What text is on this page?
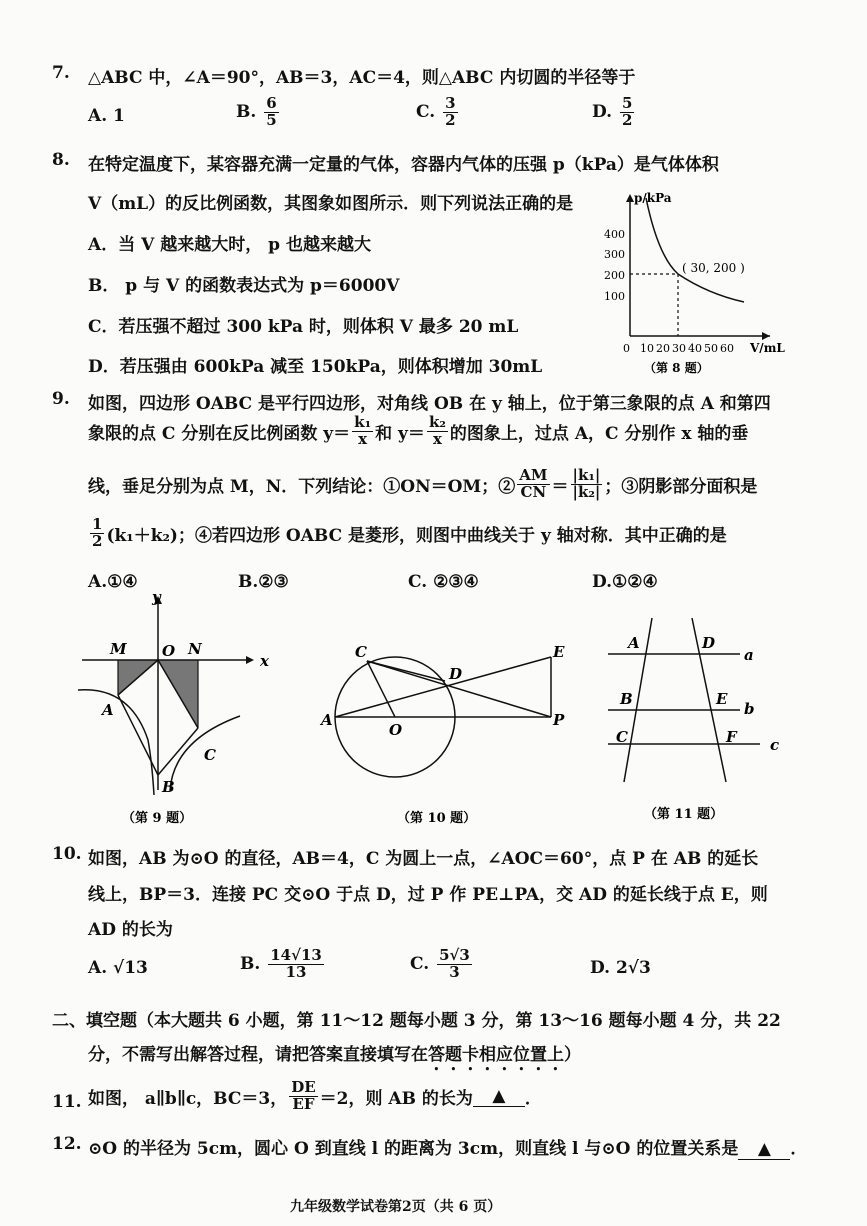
7. △ABC 中，∠A＝90°，AB＝3，AC＝4，则△ABC 内切圆的半径等于
A. 1	B. $\frac{6}{5}$	C. $\frac{3}{2}$	D. $\frac{5}{2}$
8. 在特定温度下，某容器充满一定量的气体，容器内气体的压强 p（kPa）是气体体积
V（mL）的反比例函数，其图象如图所示．则下列说法正确的是
A．当 V 越来越大时， p 也越来越大
B． p 与 V 的函数表达式为 p＝6000V
C．若压强不超过 300 kPa 时，则体积 V 最多 20 mL
D．若压强由 600kPa 减至 150kPa，则体积增加 30mL
p/kPa
V/mL
400
300
200
100
0 10 20 30 40 50 60
( 30, 200 )
（第 8 题）
9. 如图，四边形 OABC 是平行四边形，对角线 OB 在 y 轴上，位于第三象限的点 A 和第四
象限的点 C 分别在反比例函数 $y= \frac{\text{k₁}}{x}$ 和 $y= \frac{\text{k₂}}{x}$ 的图象上，过点 A，C 分别作 x 轴的垂
线，垂足分别为点 M，N．下列结论：①ON＝OM；② $\frac{AM}{CN} = \frac{\text{|k₁|}}{\text{|k₂|}}$ ；③阴影部分面积是
$\frac{1}{2} (k_1+k_2)$；④若四边形 OABC 是菱形，则图中曲线关于 y 轴对称．其中正确的是
A.①④	B.②③	C. ②③④	D.①②④
y
x
M O N
A
B
C
（第 9 题）
C
D
E
A
O
P
（第 10 题）
A	D
a
B	E
b
C	F c
（第 11 题）
10. 如图，AB 为⊙O 的直径，AB＝4，C 为圆上一点，∠AOC＝60°，点 P 在 AB 的延长
线上，BP＝3．连接 PC 交⊙O 于点 D，过 P 作 PE⊥PA，交 AD 的延长线于点 E，则
AD 的长为
A. √13	B.
$\frac{14√13}{13}$	C.
$\frac{5√3}{3}$	D. 2√3
二、填空题（本大题共 6 小题，第 11～12 题每小题 3 分，第 13～16 题每小题 4 分，共 22
分，不需写出解答过程，请把答案直接填写在答题卡相应位置上）
11. 如图， a∥b∥c，BC＝3， $\frac{DE}{EF} =2$，则 AB 的长为	▲	．
12. ⊙O 的半径为 5cm，圆心 O 到直线 l 的距离为 3cm，则直线 l 与⊙O 的位置关系是 ▲ ．
九年级数学试卷第2页（共 6 页）
